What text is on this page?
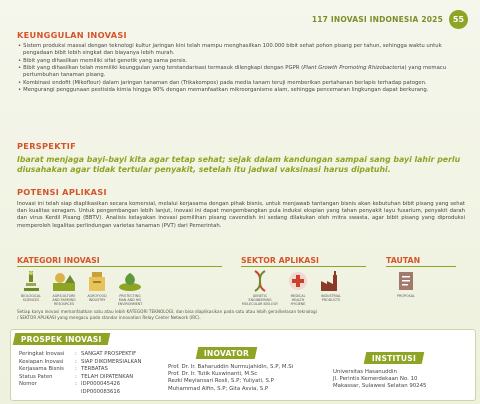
117 INOVASI INDONESIA 2025	55
KEUNGGULAN INOVASI
• Sistem produksi massal dengan teknologi kultur jaringan kini telah mampu menghasilkan 100.000 bibit sehat pohon pisang per tahun, sehingga waktu untuk pengadaan bibit lebih singkat dan biayanya lebih murah.
• Bibit yang dihasilkan memiliki sifat genetik yang sama persis.
• Bibit yang dihasilkan telah memiliki keunggulan yang terstandarisasi termasuk dilengkapi dengan PGPR (Plant Growth Promoting Rhizobacteria) yang memacu pertumbuhan tanaman pisang.
• Kombinasi endofit (Mikoflour) dalam jaringan tanaman dan (Trikakompos) pada media tanam teruji memberikan pertahanan berlapis terhadap patogen.
• Mengurangi penggunaan pestisida kimia hingga 90% dengan memanfaatkan mikroorganisme alam, sehingga pencemaran lingkungan dapat berkurang.
PERSPEKTIF
Ibarat menjaga bayi-bayi kita agar tetap sehat; sejak dalam kandungan sampai sang bayi lahir perlu diusahakan agar tidak tertular penyakit, setelah itu jadwal vaksinasi harus dipatuhi.
POTENSI APLIKASI
Inovasi ini telah siap diaplikasikan secara komersial, melalui kerjasama dengan pihak bisnis, untuk menjawab tantangan bisnis akan kebutuhan bibit pisang yang sehat dan kualitas seragam. Untuk pengembangan lebih lanjut, inovasi ini dapat mengembangkan pula induksi ekspian yang tahan penyakit layu fusarium, penyakit darah dan virus Kerdil Pisang (BBTV). Analisis kelayakan inovasi pemilihan pisang cavendish ini sedang dilakukan oleh mitra swasta, agar bibit pisang yang diproduksi memperoleh legalitas perlindungan varietas tanaman (PVT) dari Pemerintah.
KATEGORI INOVASI	SEKTOR APLIKASI	TAUTAN
BIOLOGICAL SCIENCES
AGRICULTURE AND FARMING RESOURCES
AGROFOOD INDUSTRY
PROTECTING MAN AND HIS ENVIRONMENT
GENETIC ENGINEERING MOLECULAR BIOLOGY
MEDICAL HEALTH HYGIENE
INDUSTRIAL PRODUCTS
PROPOSAL
Setiap karya inovasi memanfaatkan satu atau lebih KATEGORI TEKNOLOGI, dan bisa diaplikasikan pada satu atau lebih gerai/kelasan teknologi / SEKTOR APLIKASI yang mengacu pada standar innovation Relay Center Network (IRC).
PROSPEK INOVASI
INOVATOR
INSTITUSI
Peringkat Inovasi	:	SANGAT PROSPEKTIF
Kesiapan Inovasi	:	SIAP DIKOMERSIALKAN
Kerjasama Bisnis	:	TERBATAS
Status Paten	:	TELAH DIPATENKAN
Nomor	:	IDP000045426
		IDP000083616
Prof. Dr. Ir. Baharuddin Nurmujahidin, S.P, M.Si
Prof. Dr. Ir. Tutik Kuswinanti, M.Sc
Rezki Meylansari Rosli, S.P; Yuliyati, S.P
Muhammad Alfin, S.P; Gita Asvia, S.P
Universitas Hasanuddin
Jl. Perintis Kemerdekaan No. 10
Makassar, Sulawesi Selatan 90245
